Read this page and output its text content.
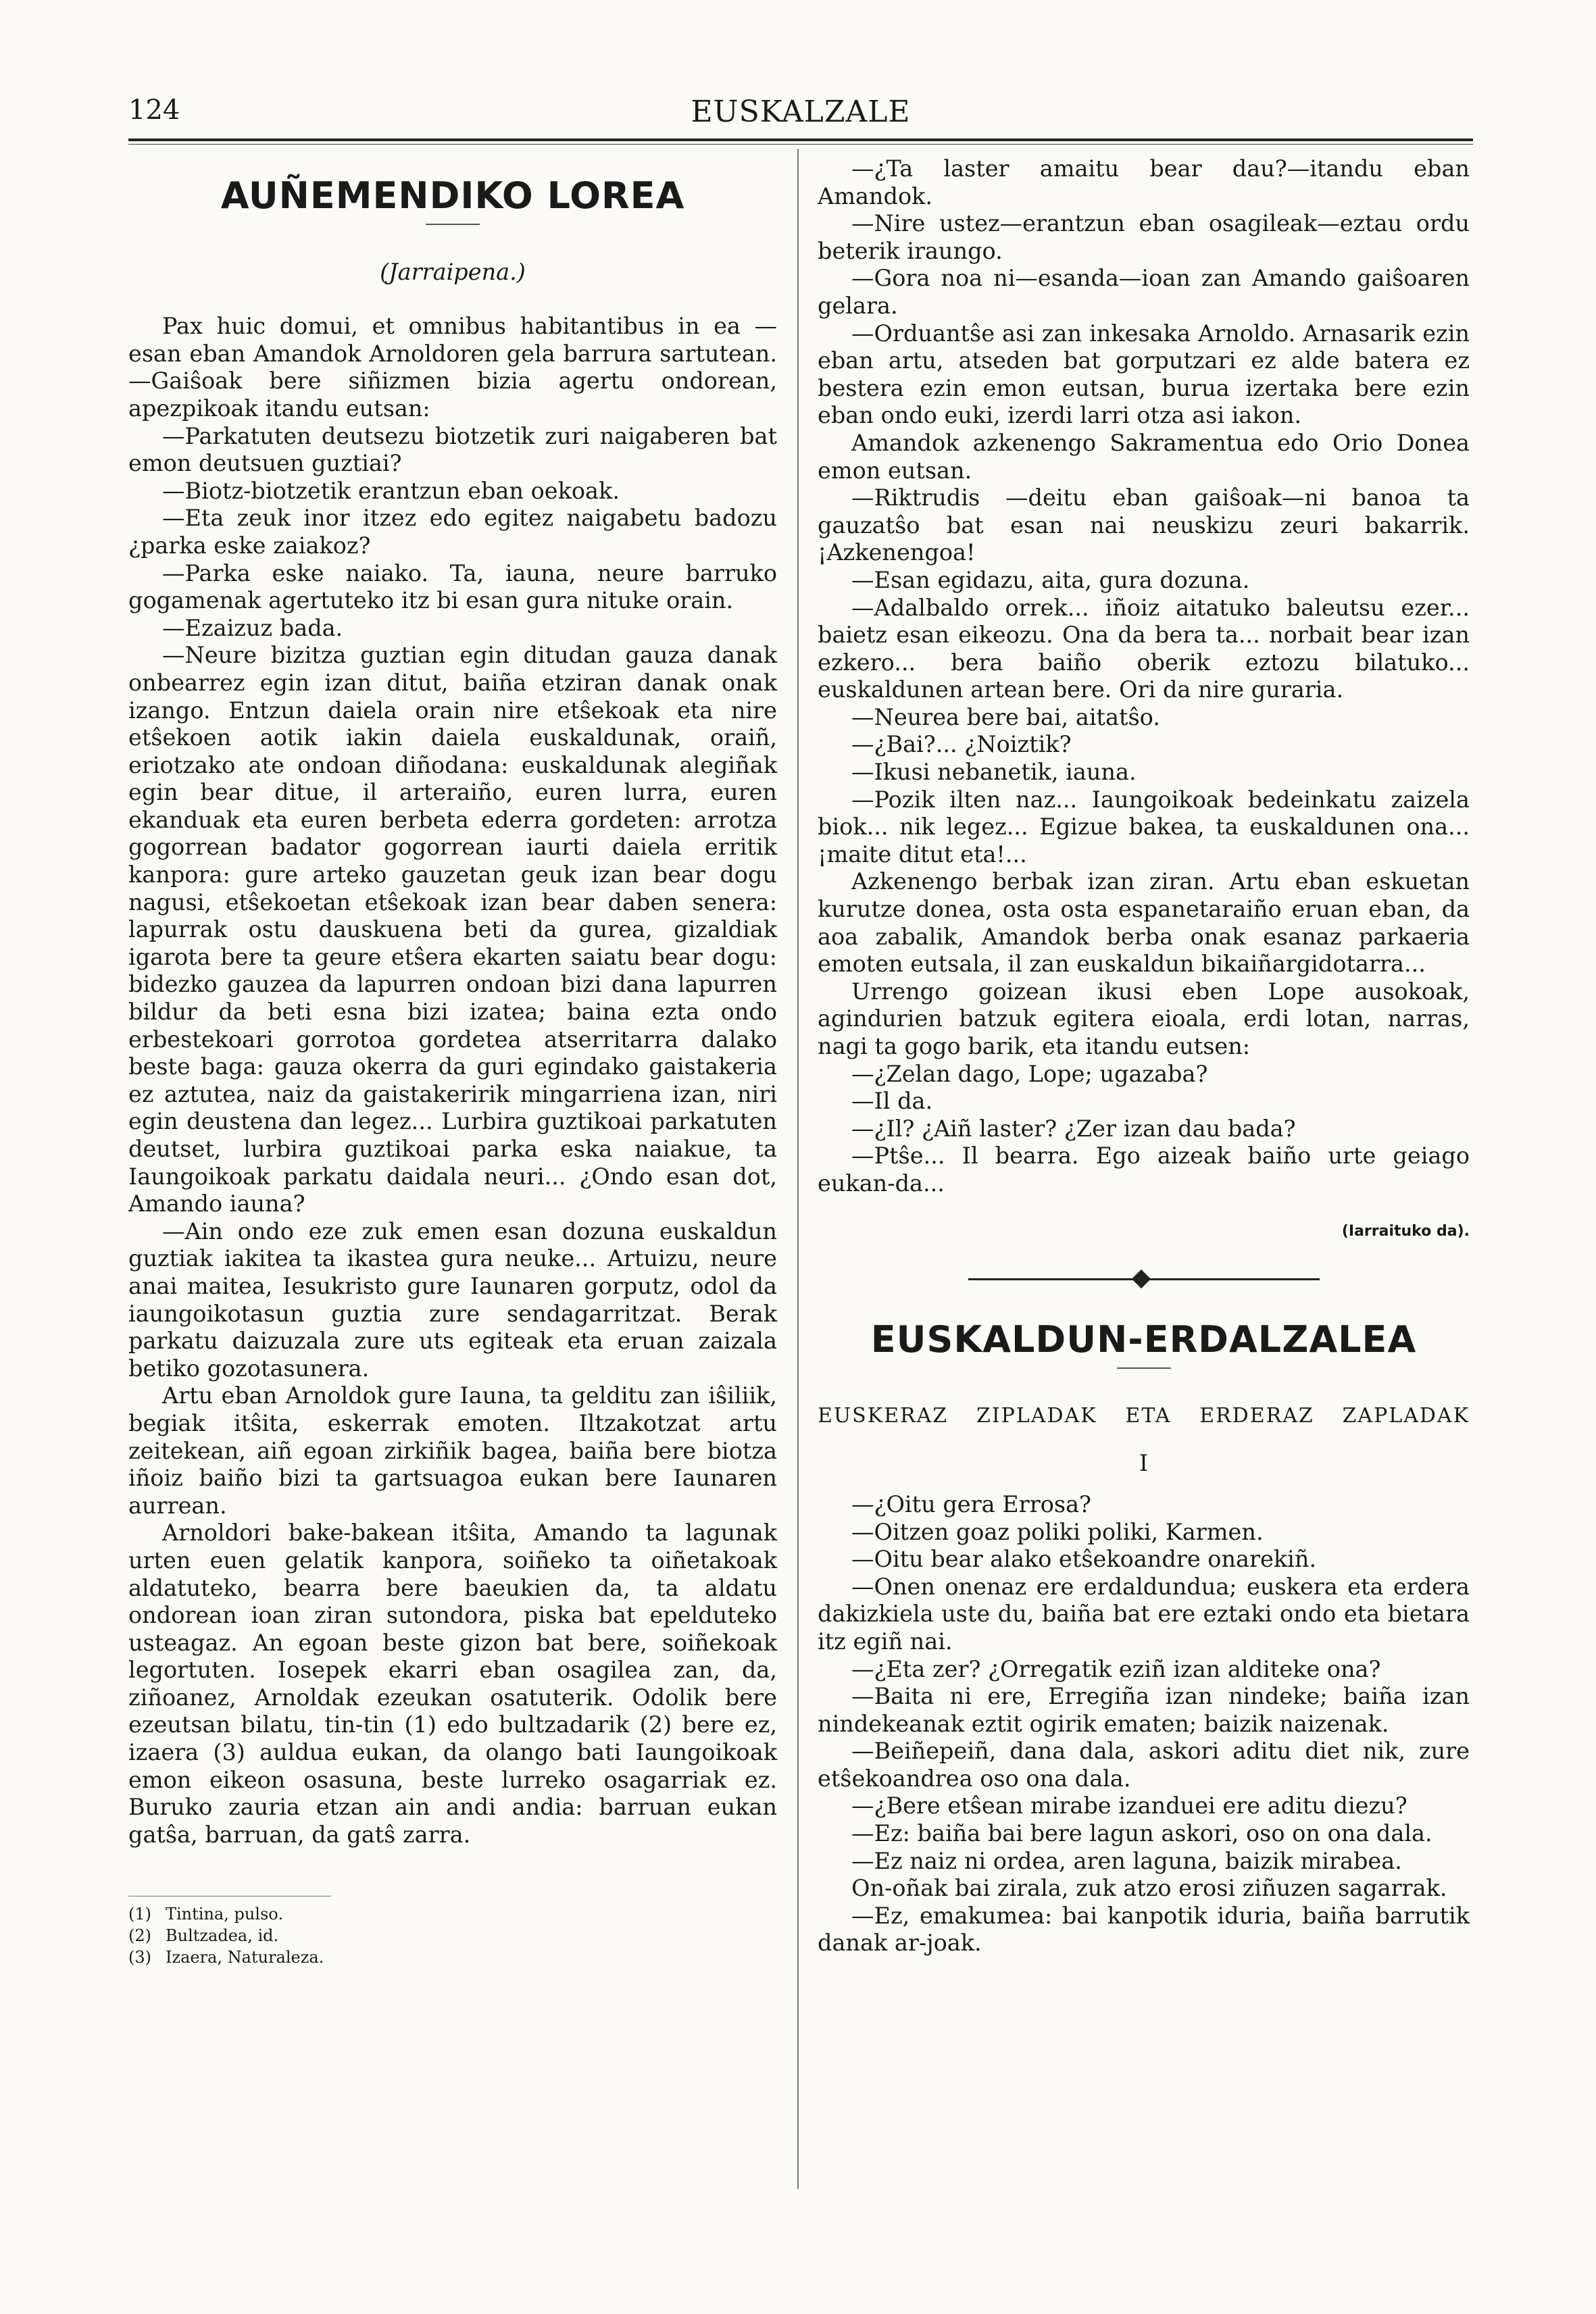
124	EUSKALZALE
AUÑEMENDIKO LOREA
(Jarraipena.)

Pax huic domui, et omnibus habitantibus in ea — esan eban Amandok Arnoldoren gela barrura sartutean. —Gaiŝoak bere siñizmen bizia agertu ondorean, apezpikoak itandu eutsan:

—Parkatuten deutsezu biotzetik zuri naigaberen bat emon deutsuen guztiai?

—Biotz-biotzetik erantzun eban oekoak.

—Eta zeuk inor itzez edo egitez naigabetu badozu ¿parka eske zaiakoz?

—Parka eske naiako. Ta, iauna, neure barruko gogamenak agertuteko itz bi esan gura nituke orain.

—Ezaizuz bada.

—Neure bizitza guztian egin ditudan gauza danak onbearrez egin izan ditut, baiña etziran danak onak izango. Entzun daiela orain nire etŝekoak eta nire etŝekoen aotik iakin daiela euskaldunak, oraiñ, eriotzako ate ondoan diñodana: euskaldunak alegiñak egin bear ditue, il arteraiño, euren lurra, euren ekanduak eta euren berbeta ederra gordeten: arrotza gogorrean badator gogorrean iaurti daiela erritik kanpora: gure arteko gauzetan geuk izan bear dogu nagusi, etŝekoetan etŝekoak izan bear daben senera: lapurrak ostu dauskuena beti da gurea, gizaldiak igarota bere ta geure etŝera ekarten saiatu bear dogu: bidezko gauzea da lapurren ondoan bizi dana lapurren bildur da beti esna bizi izatea; baina ezta ondo erbestekoari gorrotoa gordetea atserritarra dalako beste baga: gauza okerra da guri egindako gaistakeria ez aztutea, naiz da gaistakeririk mingarriena izan, niri egin deustena dan legez... Lurbira guztikoai parkatuten deutset, lurbira guztikoai parka eska naiakue, ta Iaungoikoak parkatu daidala neuri... ¿Ondo esan dot, Amando iauna?

—Ain ondo eze zuk emen esan dozuna euskaldun guztiak iakitea ta ikastea gura neuke... Artuizu, neure anai maitea, Iesukristo gure Iaunaren gorputz, odol da iaungoikotasun guztia zure sendagarritzat. Berak parkatu daizuzala zure uts egiteak eta eruan zaizala betiko gozotasunera.

Artu eban Arnoldok gure Iauna, ta gelditu zan iŝiliik, begiak itŝita, eskerrak emoten. Iltzakotzat artu zeitekean, aiñ egoan zirkiñik bagea, baiña bere biotza iñoiz baiño bizi ta gartsuagoa eukan bere Iaunaren aurrean.

Arnoldori bake-bakean itŝita, Amando ta lagunak urten euen gelatik kanpora, soiñeko ta oiñetakoak aldatuteko, bearra bere baeukien da, ta aldatu ondorean ioan ziran sutondora, piska bat epelduteko usteagaz. An egoan beste gizon bat bere, soiñekoak legortuten. Iosepek ekarri eban osagilea zan, da, ziñoanez, Arnoldak ezeukan osatuterik. Odolik bere ezeutsan bilatu, tin-tin (1) edo bultzadarik (2) bere ez, izaera (3) auldua eukan, da olango bati Iaungoikoak emon eikeon osasuna, beste lurreko osagarriak ez. Buruko zauria etzan ain andi andia: barruan eukan gatŝa, barruan, da gatŝ zarra.

(1) Tintina, pulso.
(2) Bultzadea, id.
(3) Izaera, Naturaleza.

—¿Ta laster amaitu bear dau?—itandu eban Amandok.

—Nire ustez—erantzun eban osagileak—eztau ordu beterik iraungo.

—Gora noa ni—esanda—ioan zan Amando gaiŝoaren gelara.

—Orduantŝe asi zan inkesaka Arnoldo. Arnasarik ezin eban artu, atseden bat gorputzari ez alde batera ez bestera ezin emon eutsan, burua izertaka bere ezin eban ondo euki, izerdi larri otza asi iakon.

Amandok azkenengo Sakramentua edo Orio Donea emon eutsan.

—Riktrudis —deitu eban gaiŝoak—ni banoa ta gauzatŝo bat esan nai neuskizu zeuri bakarrik. ¡Azkenengoa!

—Esan egidazu, aita, gura dozuna.

—Adalbaldo orrek... iñoiz aitatuko baleutsu ezer... baietz esan eikeozu. Ona da bera ta... norbait bear izan ezkero... bera baiño oberik eztozu bilatuko... euskaldunen artean bere. Ori da nire guraria.

—Neurea bere bai, aitatŝo.

—¿Bai?... ¿Noiztik?

—Ikusi nebanetik, iauna.

—Pozik ilten naz... Iaungoikoak bedeinkatu zaizela biok... nik legez... Egizue bakea, ta euskaldunen ona... ¡maite ditut eta!...

Azkenengo berbak izan ziran. Artu eban eskuetan kurutze donea, osta osta espanetaraiño eruan eban, da aoa zabalik, Amandok berba onak esanaz parkaeria emoten eutsala, il zan euskaldun bikaiñargidotarra...

Urrengo goizean ikusi eben Lope ausokoak, agindurien batzuk egitera eioala, erdi lotan, narras, nagi ta gogo barik, eta itandu eutsen:

—¿Zelan dago, Lope; ugazaba?

—Il da.

—¿Il? ¿Aiñ laster? ¿Zer izan dau bada?

—Ptŝe... Il bearra. Ego aizeak baiño urte geiago eukan-da...

(Iarraituko da).
EUSKALDUN-ERDALZALEA
EUSKERAZ ZIPLADAK ETA ERDERAZ ZAPLADAK
I

—¿Oitu gera Errosa?

—Oitzen goaz poliki poliki, Karmen.

—Oitu bear alako etŝekoandre onarekiñ.

—Onen onenaz ere erdaldundua; euskera eta erdera dakizkiela uste du, baiña bat ere eztaki ondo eta bietara itz egiñ nai.

—¿Eta zer? ¿Orregatik eziñ izan alditeke ona?

—Baita ni ere, Erregiña izan nindeke; baiña izan nindekeanak eztit ogirik ematen; baizik naizenak.

—Beiñepeiñ, dana dala, askori aditu diet nik, zure etŝekoandrea oso ona dala.

—¿Bere etŝean mirabe izanduei ere aditu diezu?

—Ez: baiña bai bere lagun askori, oso on ona dala.

—Ez naiz ni ordea, aren laguna, baizik mirabea.

On-oñak bai zirala, zuk atzo erosi ziñuzen sagarrak.

—Ez, emakumea: bai kanpotik iduria, baiña barrutik danak ar-joak.
